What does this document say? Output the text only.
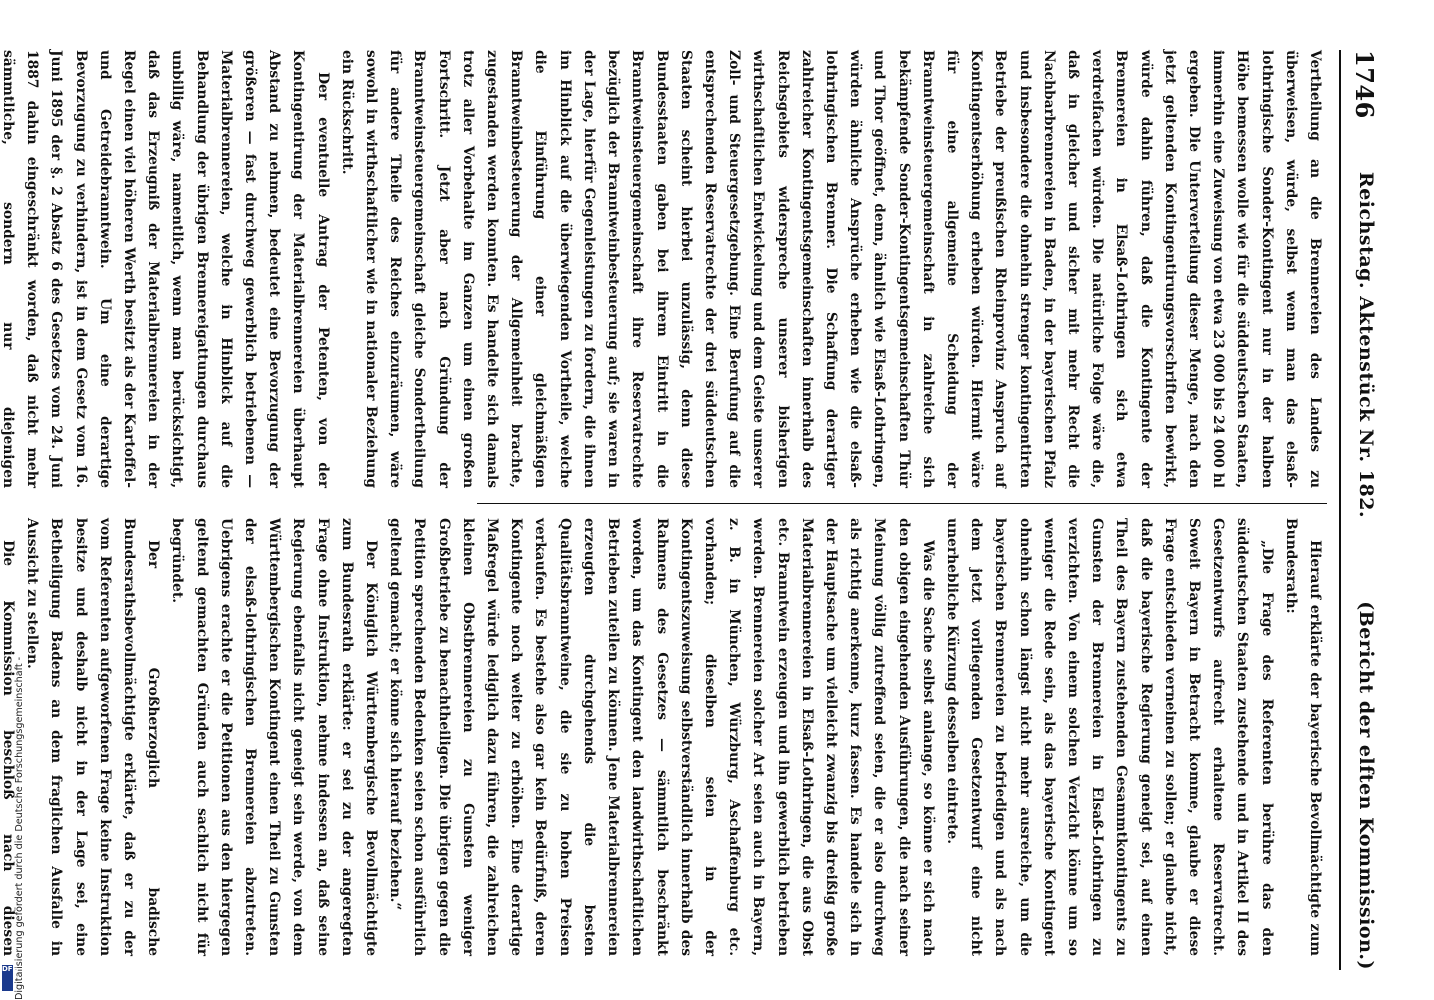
Digitalisierung gefördert durch die Deutsche Forschungsgemeinschaft -
DFG
1746
Reichstag. Aktenstück Nr. 182.
(Bericht der elften Kommission.)

Vertheilung an die Brennereien des Landes zu überweisen, würde, selbst wenn man das elsaß-lothringische Sonder-Kontingent nur in der halben Höhe bemessen wolle wie für die süddeutschen Staaten, immerhin eine Zuweisung von etwa 23 000 bis 24 000 hl ergeben. Die Unterverteilung dieser Menge, nach den jetzt geltenden Kontingentirungsvorschriften bewirkt, würde dahin führen, daß die Kontingente der Brennereien in Elsaß-Lothringen sich etwa verdreifachen würden. Die natürliche Folge wäre die, daß in gleicher und sicher mit mehr Recht die Nachbarbrennereien in Baden, in der bayerischen Pfalz und insbesondere die ohnehin strenger kontingentirten Betriebe der preußischen Rheinprovinz Anspruch auf Kontingentserhöhung erheben würden. Hiermit wäre für eine allgemeine Scheidung der Branntweinsteuergemeinschaft in zahlreiche sich bekämpfende Sonder-Kontingentsgemeinschaften Thür und Thor geöffnet, denn, ähnlich wie Elsaß-Lothringen, würden ähnliche Ansprüche erheben wie die elsaß-lothringischen Brenner. Die Schaffung derartiger zahlreicher Kontingentsgemeinschaften innerhalb des Reichsgebiets widerspreche unserer bisherigen wirthschaftlichen Entwickelung und dem Geiste unserer Zoll- und Steuergesetzgebung. Eine Berufung auf die entsprechenden Reservatrechte der drei süddeutschen Staaten scheint hierbei unzulässig, denn diese Bundesstaaten gaben bei ihrem Eintritt in die Branntweinsteuergemeinschaft ihre Reservatrechte bezüglich der Branntweinbesteuerung auf; sie waren in der Lage, hierfür Gegenleistungen zu fordern, die ihnen im Hinblick auf die überwiegenden Vortheile, welche die Einführung einer gleichmäßigen Branntweinbesteuerung der Allgemeinheit brachte, zugestanden werden konnten. Es handelte sich damals trotz aller Vorbehalte im Ganzen um einen großen Fortschritt. Jetzt aber nach Gründung der Branntweinsteuergemeinschaft gleiche Sondertheilung für andere Theile des Reiches einzuräumen, wäre sowohl in wirthschaftlicher wie in nationaler Beziehung ein Rückschritt.

Der eventuelle Antrag der Petenten, von der Kontingentirung der Materialbrennereien überhaupt Abstand zu nehmen, bedeutet eine Bevorzugung der größeren — fast durchweg gewerblich betriebenen — Materialbrennereien, welche in Hinblick auf die Behandlung der übrigen Brennereigattungen durchaus unbillig wäre, namentlich, wenn man berücksichtigt, daß das Erzeugniß der Materialbrennereien in der Regel einen viel höheren Werth besitzt als der Kartoffel- und Getreidebranntwein. Um eine derartige Bevorzugung zu verhindern, ist in dem Gesetz vom 16. Juni 1895 der §. 2 Absatz 6 des Gesetzes vom 24. Juni 1887 dahin eingeschränkt worden, daß nicht mehr sämmtliche, sondern nur diejenigen

Hierauf erklärte der bayerische Bevollmächtigte zum Bundesrath:

„Die Frage des Referenten berühre das den süddeutschen Staaten zustehende und in Artikel II des Gesetzentwurfs aufrecht erhaltene Reservatrecht. Soweit Bayern in Betracht komme, glaube er diese Frage entschieden verneinen zu sollen; er glaube nicht, daß die bayerische Regierung geneigt sei, auf einen Theil des Bayern zustehenden Gesammtkontingents zu Gunsten der Brennereien in Elsaß-Lothringen zu verzichten. Von einem solchen Verzicht könne um so weniger die Rede sein, als das bayerische Kontingent ohnehin schon längst nicht mehr ausreiche, um die bayerischen Brennereien zu befriedigen und als nach dem jetzt vorliegenden Gesetzentwurf eine nicht unerhebliche Kürzung desselben eintrete.

Was die Sache selbst anlange, so könne er sich nach den obigen eingehenden Ausführungen, die nach seiner Meinung völlig zutreffend seien, die er also durchweg als richtig anerkenne, kurz fassen. Es handele sich in der Hauptsache um vielleicht zwanzig bis dreißig große Materialbrennereien in Elsaß-Lothringen, die aus Obst etc. Branntwein erzeugen und ihn gewerblich betrieben werden. Brennereien solcher Art seien auch in Bayern, z. B. in München, Würzburg, Aschaffenburg etc. vorhanden; dieselben seien in der Kontingentszuweisung selbstverständlich innerhalb des Rahmens des Gesetzes — sämmtlich beschränkt worden, um das Kontingent den landwirthschaftlichen Betrieben zuteilen zu können. Jene Materialbrennereien erzeugten durchgehends die besten Qualitätsbranntweine, die sie zu hohen Preisen verkaufen. Es bestehe also gar kein Bedürfniß, deren Kontingente noch weiter zu erhöhen. Eine derartige Maßregel würde lediglich dazu führen, die zahlreichen kleinen Obstbrennereien zu Gunsten weniger Großbetriebe zu benachtheiligen. Die übrigen gegen die Petition sprechenden Bedenken seien schon ausführlich geltend gemacht; er könne sich hierauf beziehen.“

Der Königlich Württembergische Bevollmächtigte zum Bundesrath erklärte: er sei zu der angeregten Frage ohne Instruktion, nehme indessen an, daß seine Regierung ebenfalls nicht geneigt sein werde, von dem Württembergischen Kontingent einen Theil zu Gunsten der elsaß-lothringischen Brennereien abzutreten. Uebrigens erachte er die Petitionen aus den hiergegen geltend gemachten Gründen auch sachlich nicht für begründet.

Der Großherzoglich badische Bundesrathsbevollmächtigte erklärte, daß er zu der vom Referenten aufgeworfenen Frage keine Instruktion besitze und deshalb nicht in der Lage sei, eine Betheiligung Badens an dem fraglichen Ausfalle in Aussicht zu stellen.

Die Kommission beschloß nach diesen
